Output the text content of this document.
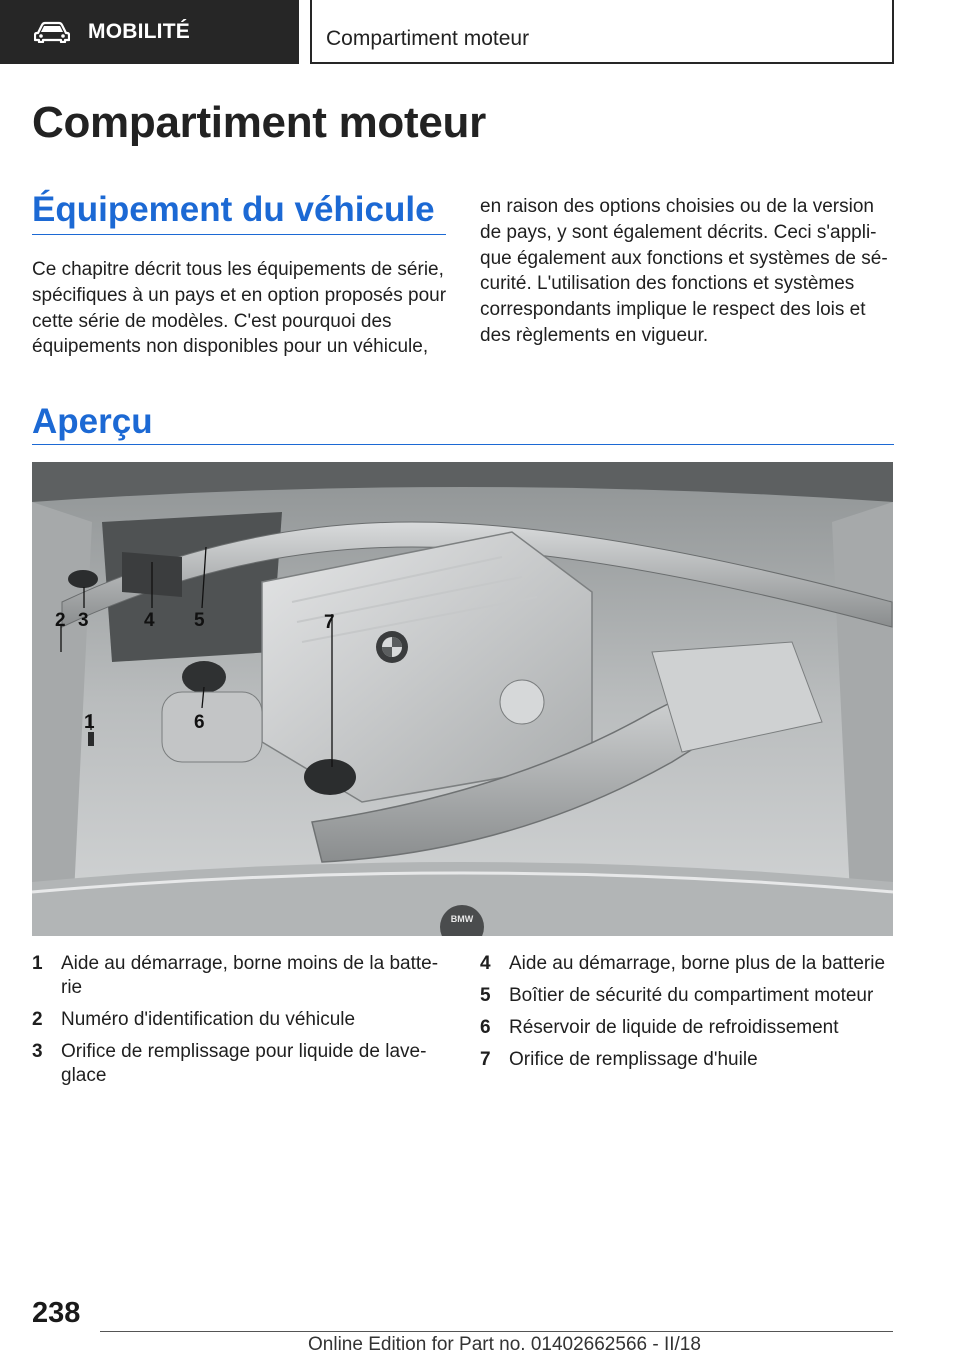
MOBILITÉ	Compartiment moteur
Compartiment moteur
Équipement du véhicule

Ce chapitre décrit tous les équipements de série, spécifiques à un pays et en option proposés pour cette série de modèles. C'est pourquoi des équipements non disponibles pour un véhicule,

en raison des options choisies ou de la version de pays, y sont également décrits. Ceci s'applique également aux fonctions et systèmes de sécurité. L'utilisation des fonctions et systèmes correspondants implique le respect des lois et des règlements en vigueur.

Aperçu
BMW
1
2 3	4 5
6
7
1 Aide au démarrage, borne moins de la batterie
2 Numéro d'identification du véhicule
3 Orifice de remplissage pour liquide de lave-glace
4 Aide au démarrage, borne plus de la batterie
5 Boîtier de sécurité du compartiment moteur
6 Réservoir de liquide de refroidissement
7 Orifice de remplissage d'huile
238
Online Edition for Part no. 01402662566 - II/18
